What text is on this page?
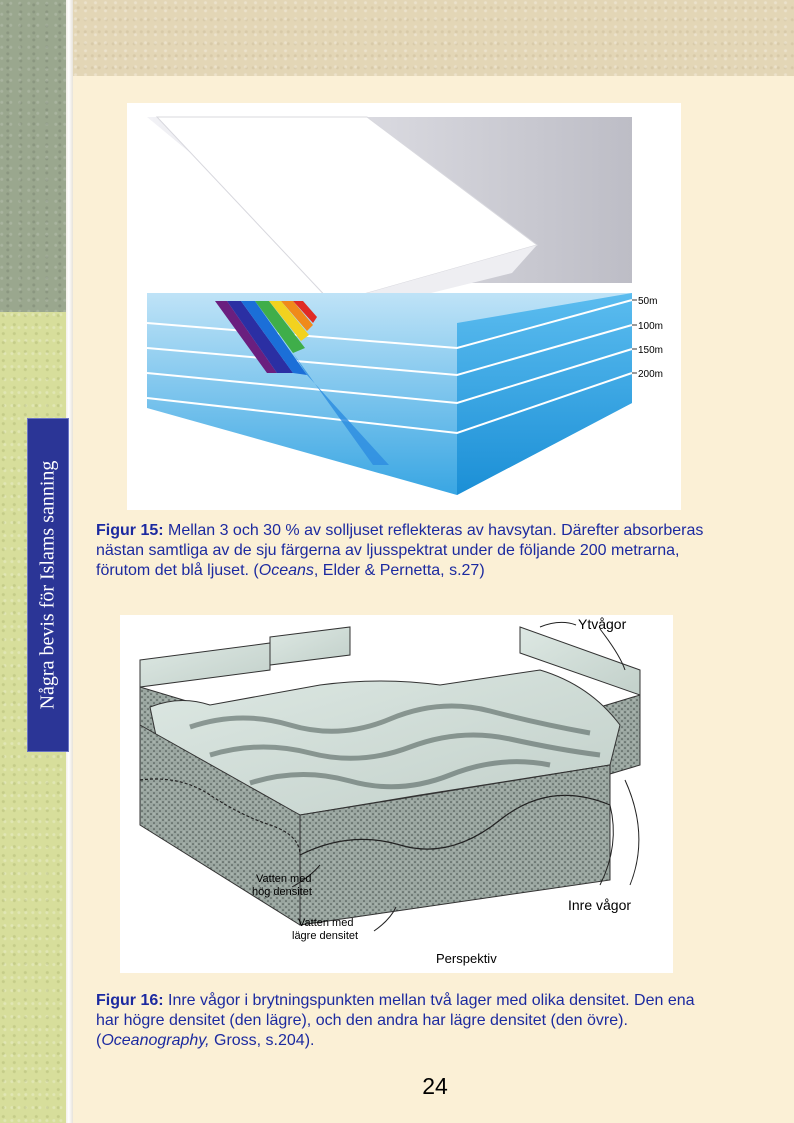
Några bevis för Islams sanning
50m
100m
150m
200m
Figur 15: Mellan 3 och 30 % av solljuset reflekteras av havsytan. Därefter absorberas nästan samtliga av de sju färgerna av ljusspektrat under de följande 200 metrarna, förutom det blå ljuset. (Oceans, Elder & Pernetta, s.27)
Ytvågor
Vatten med
hög densitet
Vatten med
lägre densitet
Inre vågor
Perspektiv
Figur 16: Inre vågor i brytningspunkten mellan två lager med olika densitet. Den ena har högre densitet (den lägre), och den andra har lägre densitet (den övre). (Oceanography, Gross, s.204).
24
